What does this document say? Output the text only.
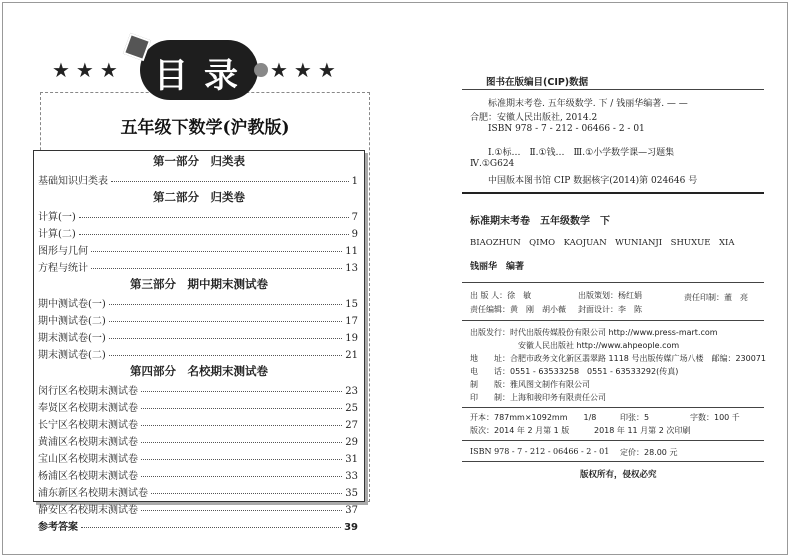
五年级下数学(沪教版)
★★★	★★★
目 录
第一部分　归类表
基础知识归类表	1
第二部分　归类卷
计算(一)	7
计算(二)	9
图形与几何	11
方程与统计	13
第三部分　期中期末测试卷
期中测试卷(一)	15
期中测试卷(二)	17
期末测试卷(一)	19
期末测试卷(二)	21
第四部分　名校期末测试卷
闵行区名校期末测试卷	23
奉贤区名校期末测试卷	25
长宁区名校期末测试卷	27
黄浦区名校期末测试卷	29
宝山区名校期末测试卷	31
杨浦区名校期末测试卷	33
浦东新区名校期末测试卷	35
静安区名校期末测试卷	37
参考答案	39
图书在版编目(CIP)数据
标准期末考卷. 五年级数学. 下 / 钱丽华编著. — —
合肥：安徽人民出版社, 2014.2
ISBN 978 - 7 - 212 - 06466 - 2 - 01
Ⅰ.①标…　Ⅱ.①钱…　Ⅲ.①小学数学课—习题集
Ⅳ.①G624
中国版本图书馆 CIP 数据核字(2014)第 024646 号
标准期末考卷　五年级数学　下
BIAOZHUN　QIMO　KAOJUAN　WUNIANJI　SHUXUE　XIA
钱丽华　编著
出 版 人：徐　敏	出版策划：杨红娟	责任印制：董　亮
责任编辑：黄　刚　胡小薇 封面设计：李　陈
出版发行：时代出版传媒股份有限公司 http://www.press-mart.com
安徽人民出版社 http://www.ahpeople.com
地　　址：合肥市政务文化新区翡翠路 1118 号出版传媒广场八楼　邮编：230071
电　　话：0551 - 63533258　0551 - 63533292(传真)
制　　版：雅风图文制作有限公司
印　　制：上海和骏印务有限责任公司
开本：787mm×1092mm　　1/8	印张：5	字数：100 千
版次：2014 年 2 月第 1 版	2018 年 11 月第 2 次印刷
ISBN 978 - 7 - 212 - 06466 - 2 - 01 定价：28.00 元
版权所有，侵权必究
